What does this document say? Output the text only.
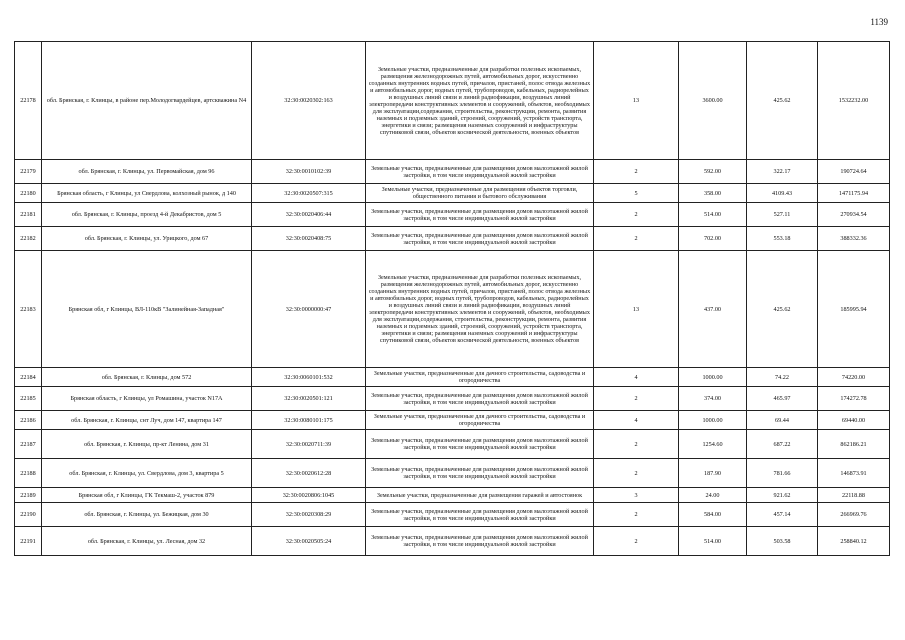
1139
22178	обл. Брянская, г. Клинцы, в районе пер.Молодогвардейцев, артскважина N4	32:30:0020302:163	Земельные участки, предназначенные для разработки полезных ископаемых, размещения железнодорожных путей, автомобильных дорог, искусственно созданных внутренних водных путей, причалов, пристаней, полос отвода железных и автомобильных дорог, водных путей, трубопроводов, кабельных, радиорелейных и воздушных линий связи и линий радиофикации, воздушных линий электропередачи конструктивных элементов и сооружений, объектов, необходимых для эксплуатации,содержания, строительства, реконструкции, ремонта, развития наземных и подземных зданий, строений, сооружений, устройств транспорта, энергетики и связи; размещения наземных сооружений и инфраструктуры спутниковой связи, объектов космической деятельности, военных объектов	13	3600.00	425.62	1532232.00
22179	обл. Брянская, г. Клинцы, ул. Первомайская, дом 96	32:30:0010102:39	Земельные участки, предназначенные для размещения домов малоэтажной жилой застройки, в том числе индивидуальной жилой застройки	2	592.00	322.17	190724.64
22180	Брянская область, г Клинцы, ул Свердлова, колхозный рынок, д 140	32:30:0020507:315	Земельные участки, предназначенные для размещения объектов торговли, общественного питания и бытового обслуживания	5	358.00	4109.43	1471175.94
22181	обл. Брянская, г. Клинцы, проезд 4-й Декабристов, дом 5	32:30:0020406:44	Земельные участки, предназначенные для размещения домов малоэтажной жилой застройки, в том числе индивидуальной жилой застройки	2	514.00	527.11	270934.54
22182	обл. Брянская, г. Клинцы, ул. Урицкого, дом 67	32:30:0020408:75	Земельные участки, предназначенные для размещения домов малоэтажной жилой застройки, в том числе индивидуальной жилой застройки	2	702.00	553.18	388332.36
22183	Брянская обл, г Клинцы, ВЛ-110кВ "Залинейная-Западная"	32:30:0000000:47	Земельные участки, предназначенные для разработки полезных ископаемых, размещения железнодорожных путей, автомобильных дорог, искусственно созданных внутренних водных путей, причалов, пристаней, полос отвода железных и автомобильных дорог, водных путей, трубопроводов, кабельных, радиорелейных и воздушных линий связи и линий радиофикации, воздушных линий электропередачи конструктивных элементов и сооружений, объектов, необходимых для эксплуатации,содержания, строительства, реконструкции, ремонта, развития наземных и подземных зданий, строений, сооружений, устройств транспорта, энергетики и связи; размещения наземных сооружений и инфраструктуры спутниковой связи, объектов космической деятельности, военных объектов	13	437.00	425.62	185995.94
22184	обл. Брянская, г. Клинцы, дом 572	32:30:0060101:532	Земельные участки, предназначенные для дачного строительства, садоводства и огородничества	4	1000.00	74.22	74220.00
22185	Брянская область, г Клинцы, ул Ромашина, участок N17А	32:30:0020501:121	Земельные участки, предназначенные для размещения домов малоэтажной жилой застройки, в том числе индивидуальной жилой застройки	2	374.00	465.97	174272.78
22186	обл. Брянская, г. Клинцы, снт Луч, дом 147, квартира 147	32:30:0080101:175	Земельные участки, предназначенные для дачного строительства, садоводства и огородничества	4	1000.00	69.44	69440.00
22187	обл. Брянская, г. Клинцы, пр-кт Ленина, дом 31	32:30:0020711:39	Земельные участки, предназначенные для размещения домов малоэтажной жилой застройки, в том числе индивидуальной жилой застройки	2	1254.60	687.22	862186.21
22188	обл. Брянская, г. Клинцы, ул. Свердлова, дом 3, квартира 5	32:30:0020612:28	Земельные участки, предназначенные для размещения домов малоэтажной жилой застройки, в том числе индивидуальной жилой застройки	2	187.90	781.66	146873.91
22189	Брянская обл, г Клинцы, ГК Текмаш-2, участок 879	32:30:0020806:1045	Земельные участки, предназначенные для размещения гаражей и автостоянок	3	24.00	921.62	22118.88
22190	обл. Брянская, г. Клинцы, ул. Бежицкая, дом 30	32:30:0020308:29	Земельные участки, предназначенные для размещения домов малоэтажной жилой застройки, в том числе индивидуальной жилой застройки	2	584.00	457.14	266969.76
22191	обл. Брянская, г. Клинцы, ул. Лесная, дом 32	32:30:0020505:24	Земельные участки, предназначенные для размещения домов малоэтажной жилой застройки, в том числе индивидуальной жилой застройки	2	514.00	503.58	258840.12
